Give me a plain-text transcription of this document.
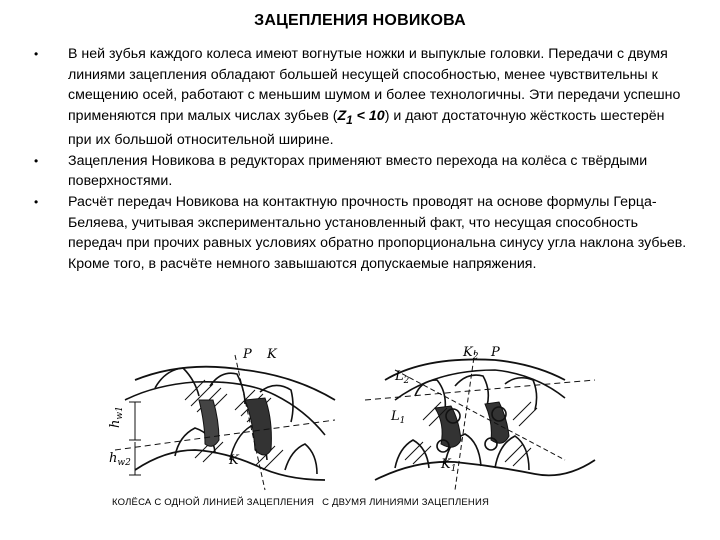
ЗАЦЕПЛЕНИЯ НОВИКОВА
• В ней зубья каждого колеса имеют вогнутые ножки и выпуклые головки. Передачи с двумя линиями зацепления обладают большей несущей способностью, менее чувствительны к смещению осей, работают с меньшим шумом и более технологичны. Эти передачи успешно применяются при малых числах зубьев $(Z_1 < 10)$ и дают достаточную жёсткость шестерён при их большой относительной ширине.
• Зацепления Новикова в редукторах применяют вместо перехода на колёса с твёрдыми поверхностями.
• Расчёт передач Новикова на контактную прочность проводят на основе формулы Герца-Беляева, учитывая экспериментально установленный факт, что несущая способность передач при прочих равных условиях обратно пропорциональна синусу угла наклона зубьев. Кроме того, в расчёте немного завышаются допускаемые напряжения.
P K
K
$h_{w1}$
$h_{w2}$
$K_2$ P
$L_2$
$L_1$
$K_1$
КОЛЁСА С ОДНОЙ ЛИНИЕЙ ЗАЦЕПЛЕНИЯ С ДВУМЯ ЛИНИЯМИ ЗАЦЕПЛЕНИЯ
